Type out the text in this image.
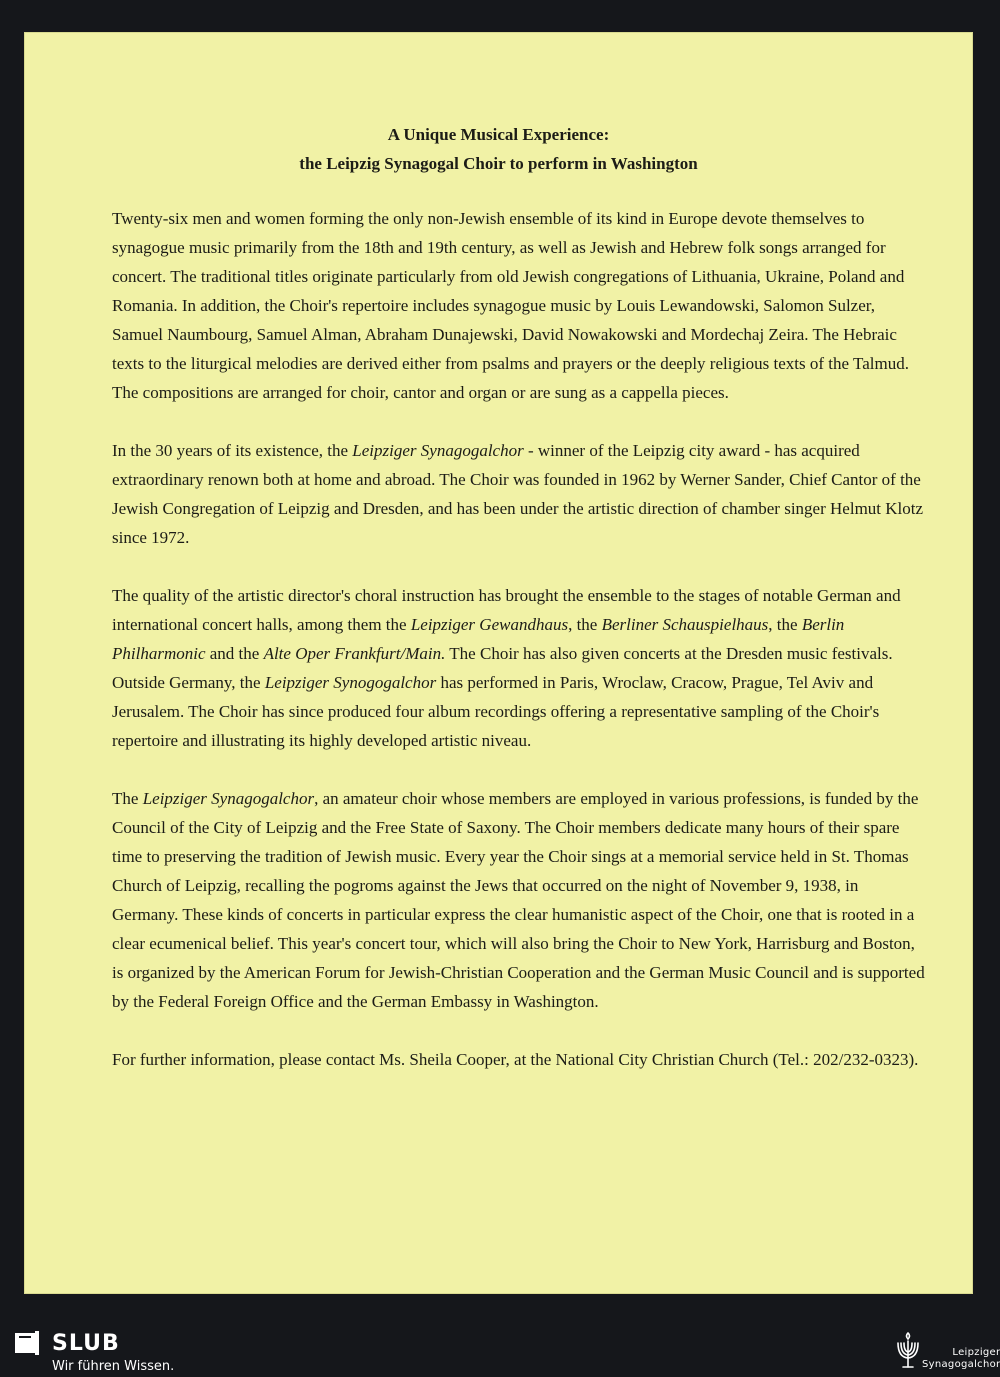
A Unique Musical Experience:
the Leipzig Synagogal Choir to perform in Washington

Twenty-six men and women forming the only non-Jewish ensemble of its kind in Europe devote themselves to synagogue music primarily from the 18th and 19th century, as well as Jewish and Hebrew folk songs arranged for concert. The traditional titles originate particularly from old Jewish congregations of Lithuania, Ukraine, Poland and Romania. In addition, the Choir's repertoire includes synagogue music by Louis Lewandowski, Salomon Sulzer, Samuel Naumbourg, Samuel Alman, Abraham Dunajewski, David Nowakowski and Mordechaj Zeira. The Hebraic texts to the liturgical melodies are derived either from psalms and prayers or the deeply religious texts of the Talmud. The compositions are arranged for choir, cantor and organ or are sung as a cappella pieces.

In the 30 years of its existence, the Leipziger Synagogalchor - winner of the Leipzig city award - has acquired extraordinary renown both at home and abroad. The Choir was founded in 1962 by Werner Sander, Chief Cantor of the Jewish Congregation of Leipzig and Dresden, and has been under the artistic direction of chamber singer Helmut Klotz since 1972.

The quality of the artistic director's choral instruction has brought the ensemble to the stages of notable German and international concert halls, among them the Leipziger Gewandhaus, the Berliner Schauspielhaus, the Berlin Philharmonic and the Alte Oper Frankfurt/Main. The Choir has also given concerts at the Dresden music festivals. Outside Germany, the Leipziger Synogogalchor has performed in Paris, Wroclaw, Cracow, Prague, Tel Aviv and Jerusalem. The Choir has since produced four album recordings offering a representative sampling of the Choir's repertoire and illustrating its highly developed artistic niveau.

The Leipziger Synagogalchor, an amateur choir whose members are employed in various professions, is funded by the Council of the City of Leipzig and the Free State of Saxony. The Choir members dedicate many hours of their spare time to preserving the tradition of Jewish music. Every year the Choir sings at a memorial service held in St. Thomas Church of Leipzig, recalling the pogroms against the Jews that occurred on the night of November 9, 1938, in Germany. These kinds of concerts in particular express the clear humanistic aspect of the Choir, one that is rooted in a clear ecumenical belief. This year's concert tour, which will also bring the Choir to New York, Harrisburg and Boston, is organized by the American Forum for Jewish-Christian Cooperation and the German Music Council and is supported by the Federal Foreign Office and the German Embassy in Washington.

For further information, please contact Ms. Sheila Cooper, at the National City Christian Church (Tel.: 202/232-0323).

SLUB
Wir führen Wissen.
Leipziger
Synagogalchor
